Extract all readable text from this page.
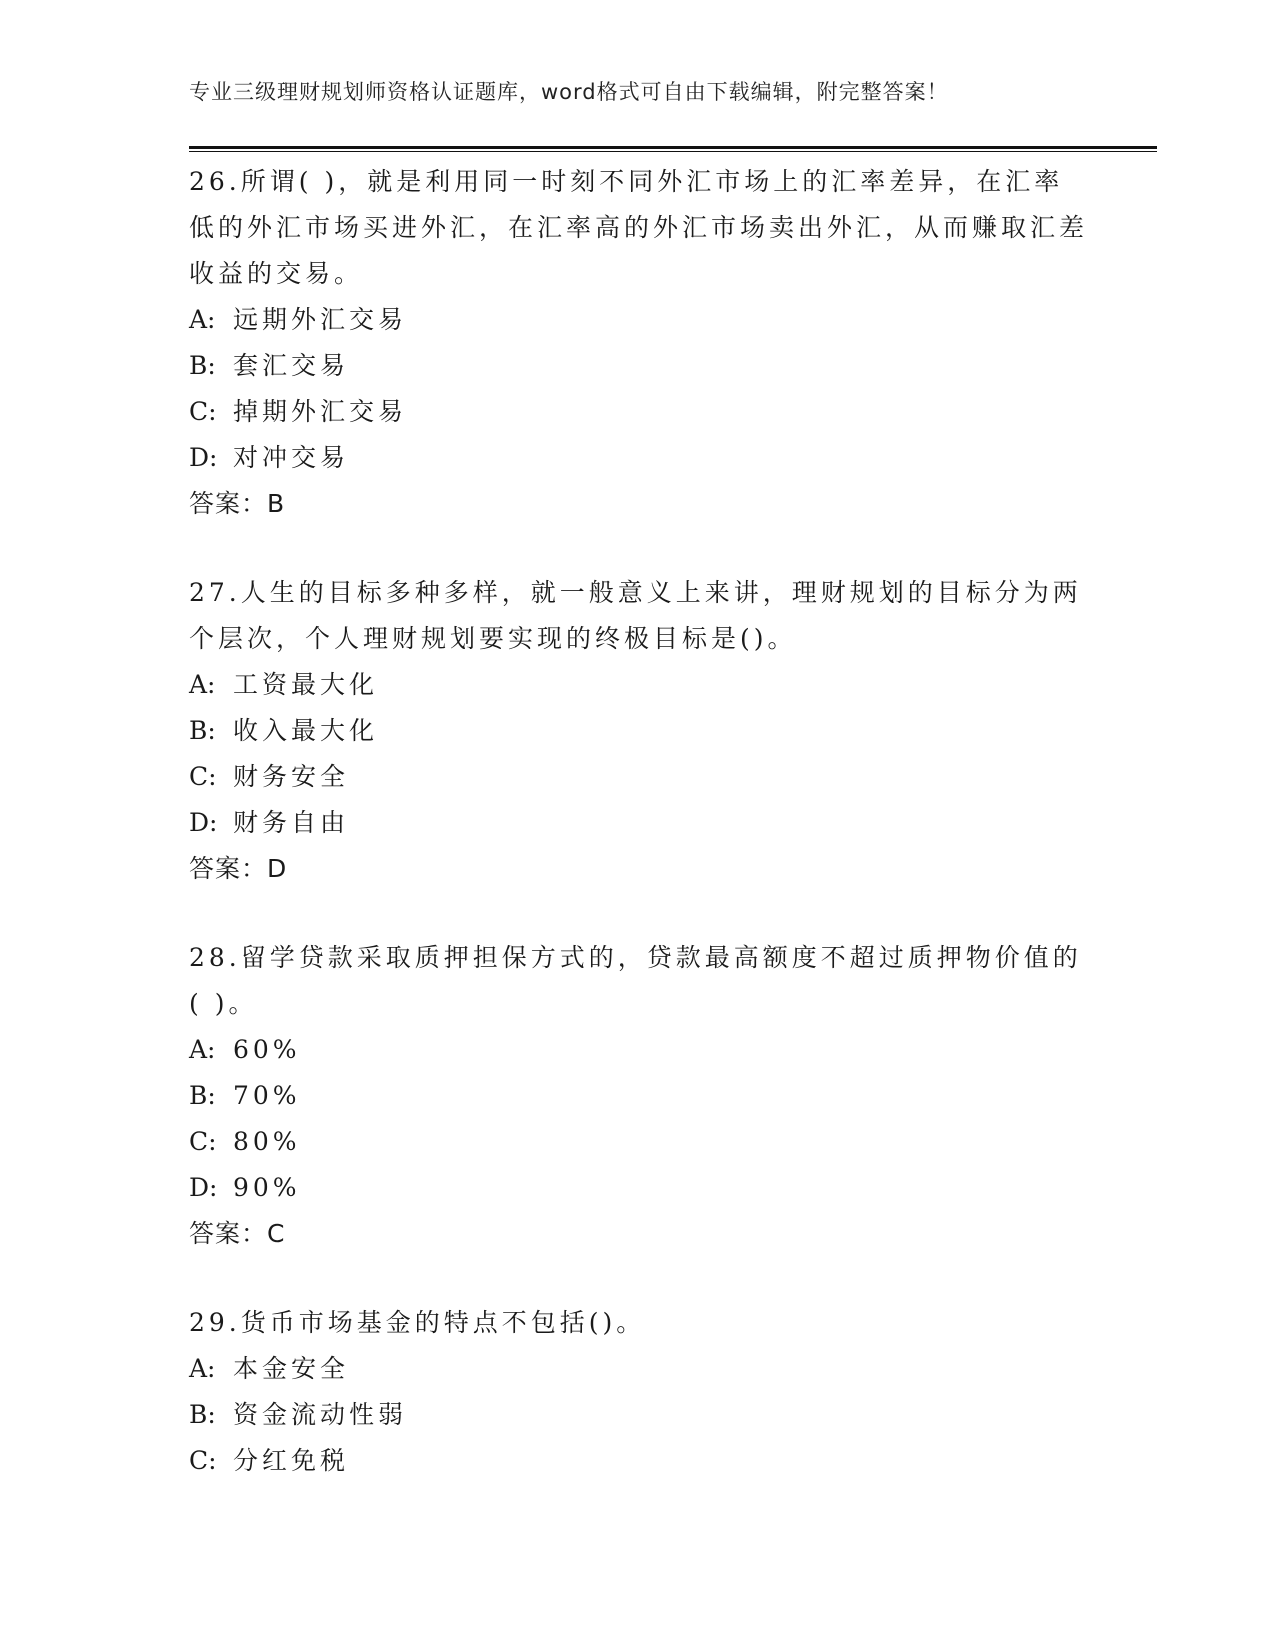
专业三级理财规划师资格认证题库，word格式可自由下载编辑，附完整答案！
26.所谓( )，就是利用同一时刻不同外汇市场上的汇率差异，在汇率低的外汇市场买进外汇，在汇率高的外汇市场卖出外汇，从而赚取汇差收益的交易。
A: 远期外汇交易
B: 套汇交易
C: 掉期外汇交易
D: 对冲交易
答案：B
27.人生的目标多种多样，就一般意义上来讲，理财规划的目标分为两个层次，个人理财规划要实现的终极目标是()。
A: 工资最大化
B: 收入最大化
C: 财务安全
D: 财务自由
答案：D
28.留学贷款采取质押担保方式的，贷款最高额度不超过质押物价值的( )。
A: 60%
B: 70%
C: 80%
D: 90%
答案：C
29.货币市场基金的特点不包括()。
A: 本金安全
B: 资金流动性弱
C: 分红免税
